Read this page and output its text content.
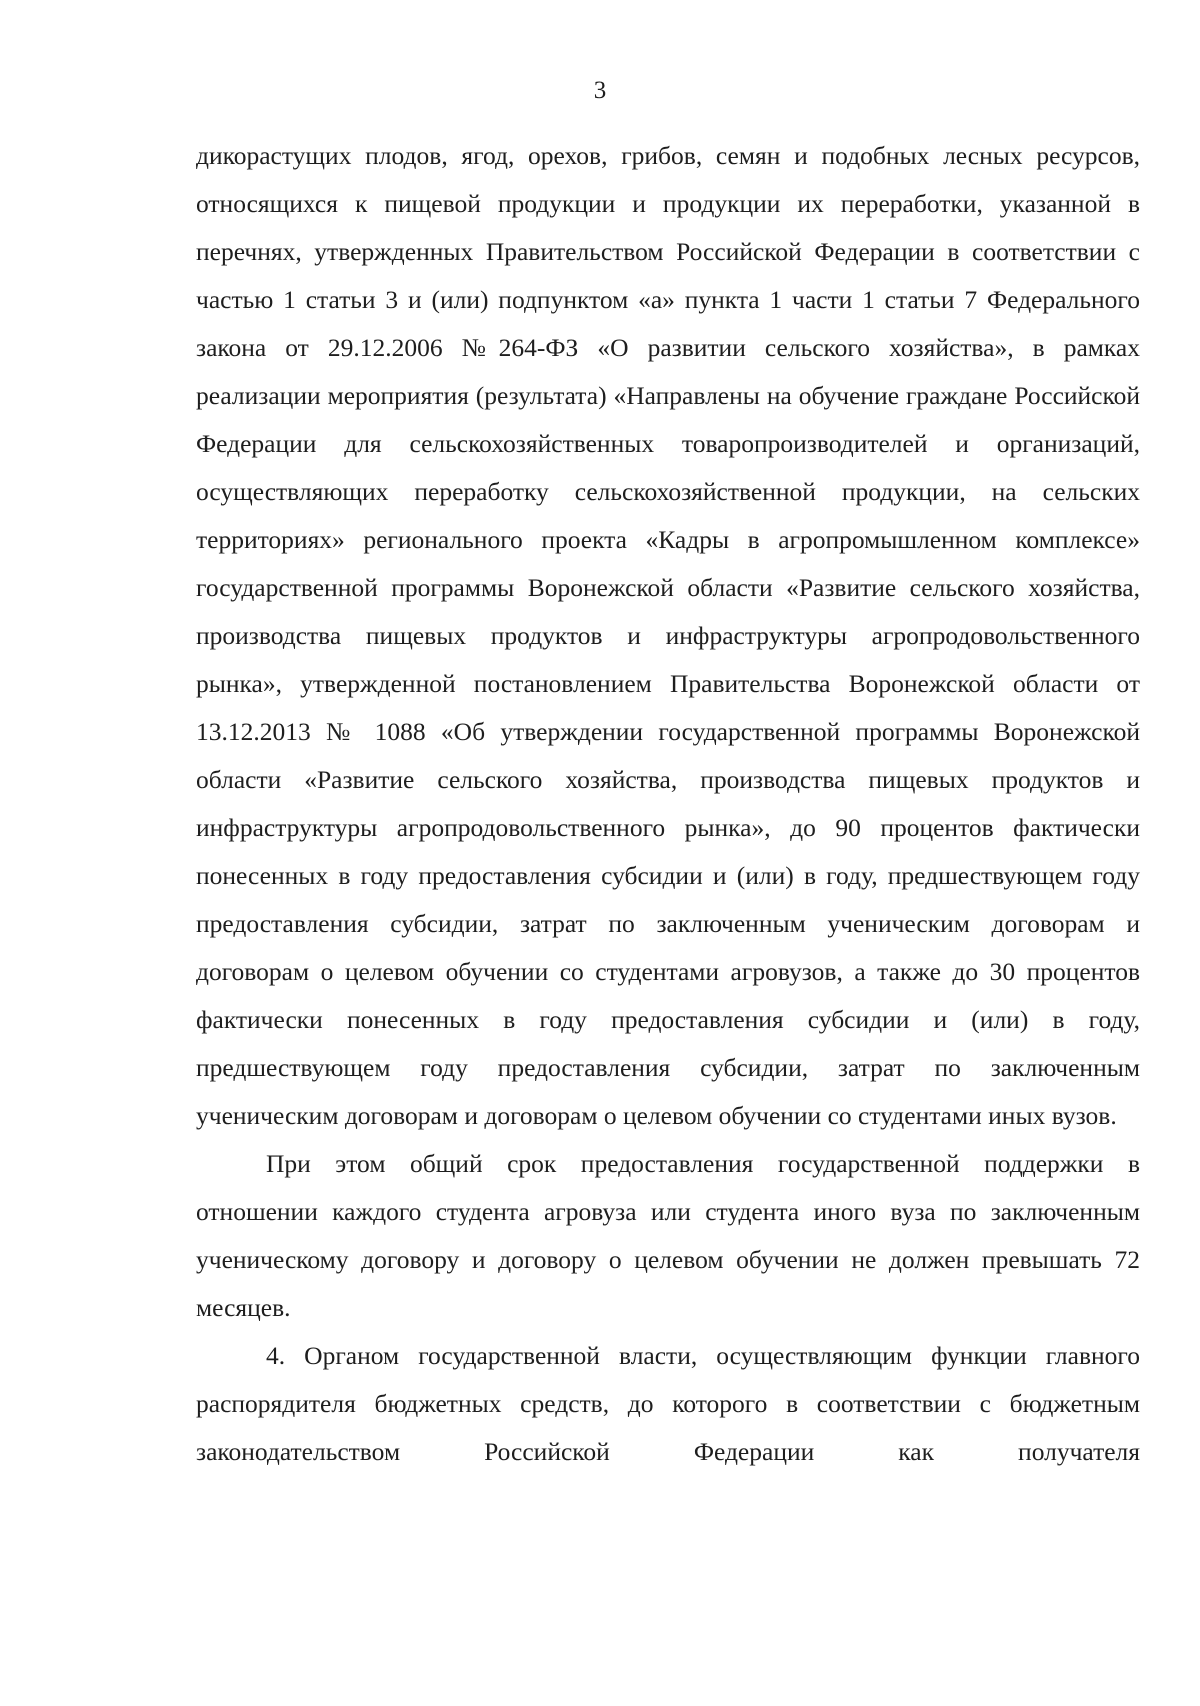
3

дикорастущих плодов, ягод, орехов, грибов, семян и подобных лесных ресурсов, относящихся к пищевой продукции и продукции их переработки, указанной в перечнях, утвержденных Правительством Российской Федерации в соответствии с частью 1 статьи 3 и (или) подпунктом «а» пункта 1 части 1 статьи 7 Федерального закона от 29.12.2006 №264-ФЗ «О развитии сельского хозяйства», в рамках реализации мероприятия (результата) «Направлены на обучение граждане Российской Федерации для сельскохозяйственных товаропроизводителей и организаций, осуществляющих переработку сельскохозяйственной продукции, на сельских территориях» регионального проекта «Кадры в агропромышленном комплексе» государственной программы Воронежской области «Развитие сельского хозяйства, производства пищевых продуктов и инфраструктуры агропродовольственного рынка», утвержденной постановлением Правительства Воронежской области от 13.12.2013 № 1088 «Об утверждении государственной программы Воронежской области «Развитие сельского хозяйства, производства пищевых продуктов и инфраструктуры агропродовольственного рынка», до 90 процентов фактически понесенных в году предоставления субсидии и (или) в году, предшествующем году предоставления субсидии, затрат по заключенным ученическим договорам и договорам о целевом обучении со студентами агровузов, а также до 30 процентов фактически понесенных в году предоставления субсидии и (или) в году, предшествующем году предоставления субсидии, затрат по заключенным ученическим договорам и договорам о целевом обучении со студентами иных вузов.

При этом общий срок предоставления государственной поддержки в отношении каждого студента агровуза или студента иного вуза по заключенным ученическому договору и договору о целевом обучении не должен превышать 72 месяцев.

4. Органом государственной власти, осуществляющим функции главного распорядителя бюджетных средств, до которого в соответствии с бюджетным законодательством Российской Федерации как получателя
